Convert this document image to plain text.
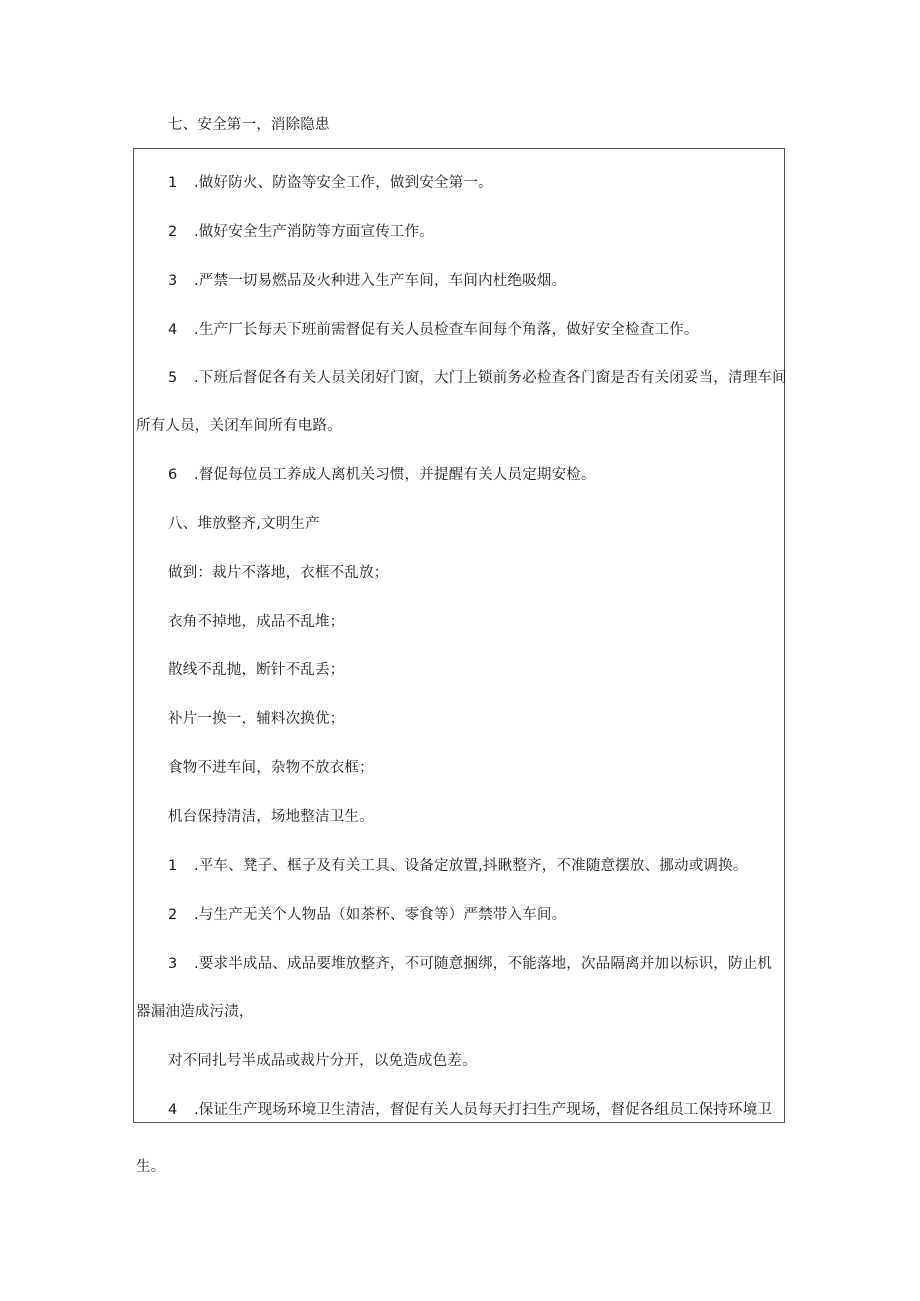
七、安全第一，消除隐患
1 .做好防火、防盗等安全工作，做到安全第一。
2 .做好安全生产消防等方面宣传工作。
3 .严禁一切易燃品及火种进入生产车间，车间内杜绝吸烟。
4 .生产厂长每天下班前需督促有关人员检查车间每个角落，做好安全检查工作。
5 .下班后督促各有关人员关闭好门窗，大门上锁前务必检查各门窗是否有关闭妥当，清理车间
所有人员，关闭车间所有电路。
6 .督促每位员工养成人离机关习惯，并提醒有关人员定期安检。
八、堆放整齐,文明生产
做到：裁片不落地，衣框不乱放；
衣角不掉地，成品不乱堆；
散线不乱抛，断针不乱丢；
补片一换一，辅料次换优；
食物不进车间，杂物不放衣框；
机台保持清洁，场地整洁卫生。
1 .平车、凳子、框子及有关工具、设备定放置,抖瞅整齐，不准随意摆放、挪动或调换。
2 .与生产无关个人物品（如茶杯、零食等）严禁带入车间。
3 .要求半成品、成品要堆放整齐，不可随意捆绑，不能落地，次品隔离并加以标识，防止机
器漏油造成污渍，
对不同扎号半成品或裁片分开，以免造成色差。
4 .保证生产现场环境卫生清洁，督促有关人员每天打扫生产现场，督促各组员工保持环境卫
生。
